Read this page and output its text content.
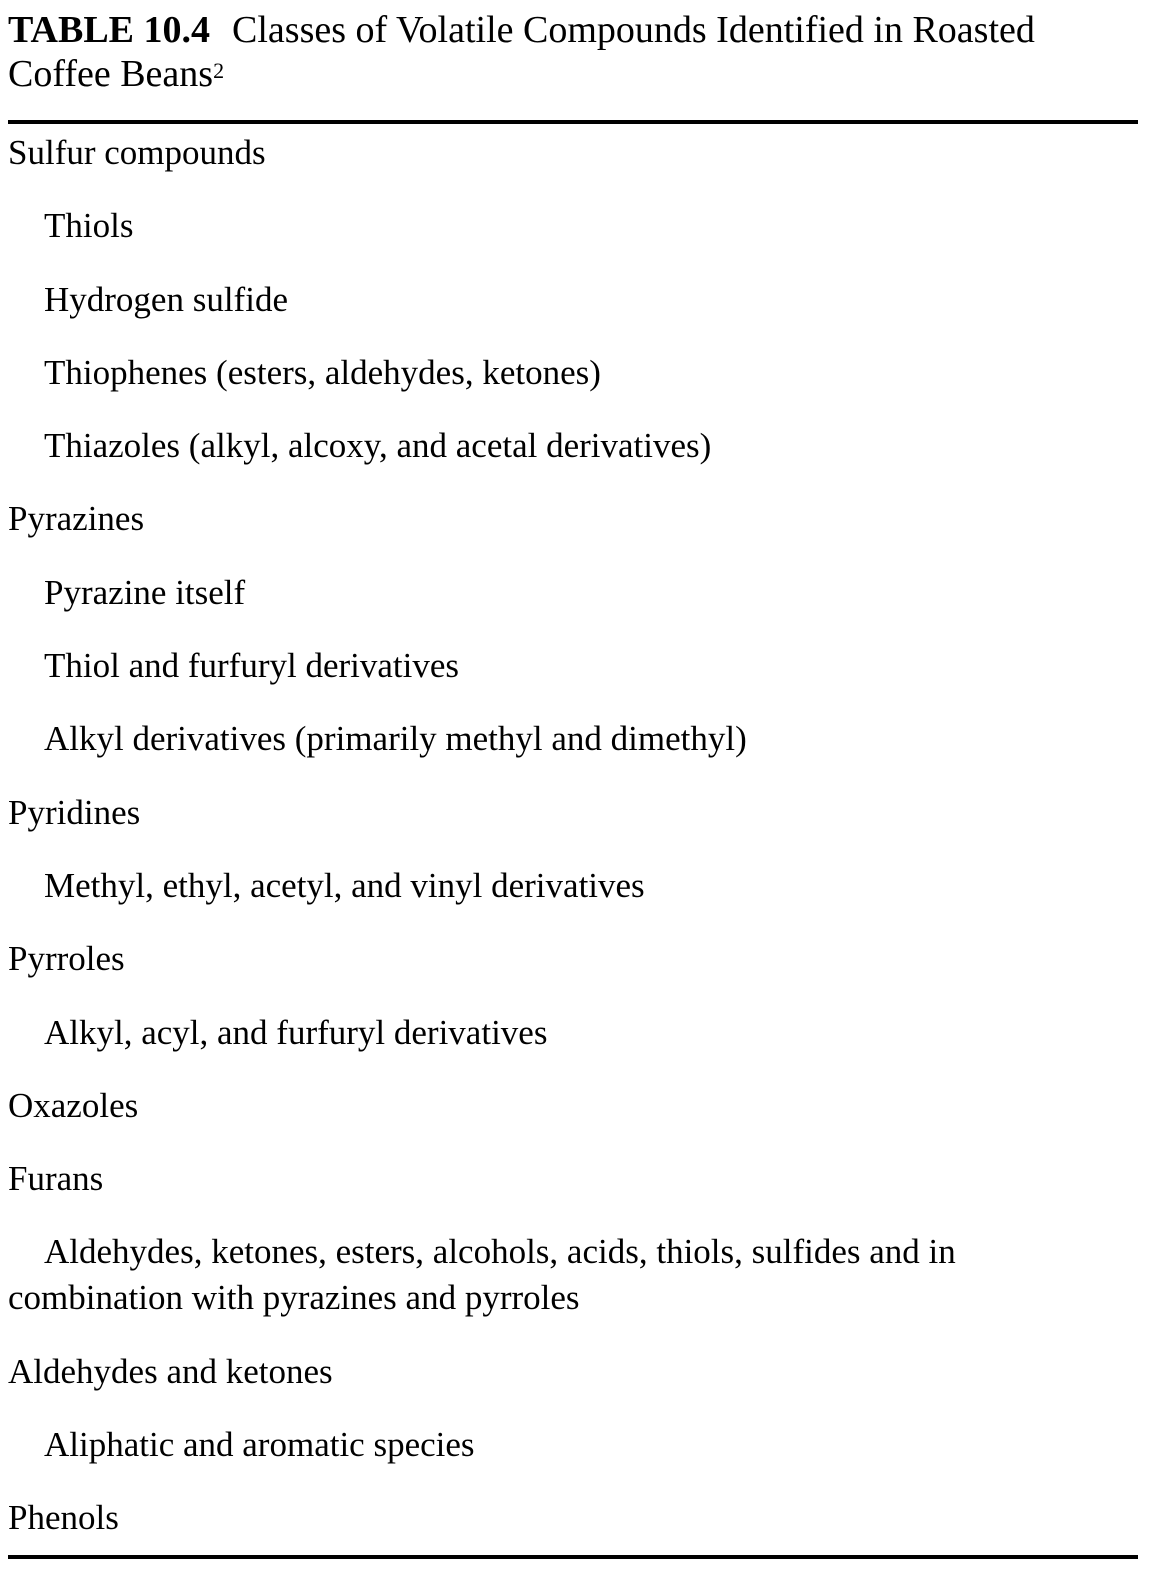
TABLE 10.4 Classes of Volatile Compounds Identified in Roasted Coffee Beans$^2$
Sulfur compounds
Thiols
Hydrogen sulfide
Thiophenes (esters, aldehydes, ketones)
Thiazoles (alkyl, alcoxy, and acetal derivatives)
Pyrazines
Pyrazine itself
Thiol and furfuryl derivatives
Alkyl derivatives (primarily methyl and dimethyl)
Pyridines
Methyl, ethyl, acetyl, and vinyl derivatives
Pyrroles
Alkyl, acyl, and furfuryl derivatives
Oxazoles
Furans
Aldehydes, ketones, esters, alcohols, acids, thiols, sulfides and in combination with pyrazines and pyrroles
Aldehydes and ketones
Aliphatic and aromatic species
Phenols
